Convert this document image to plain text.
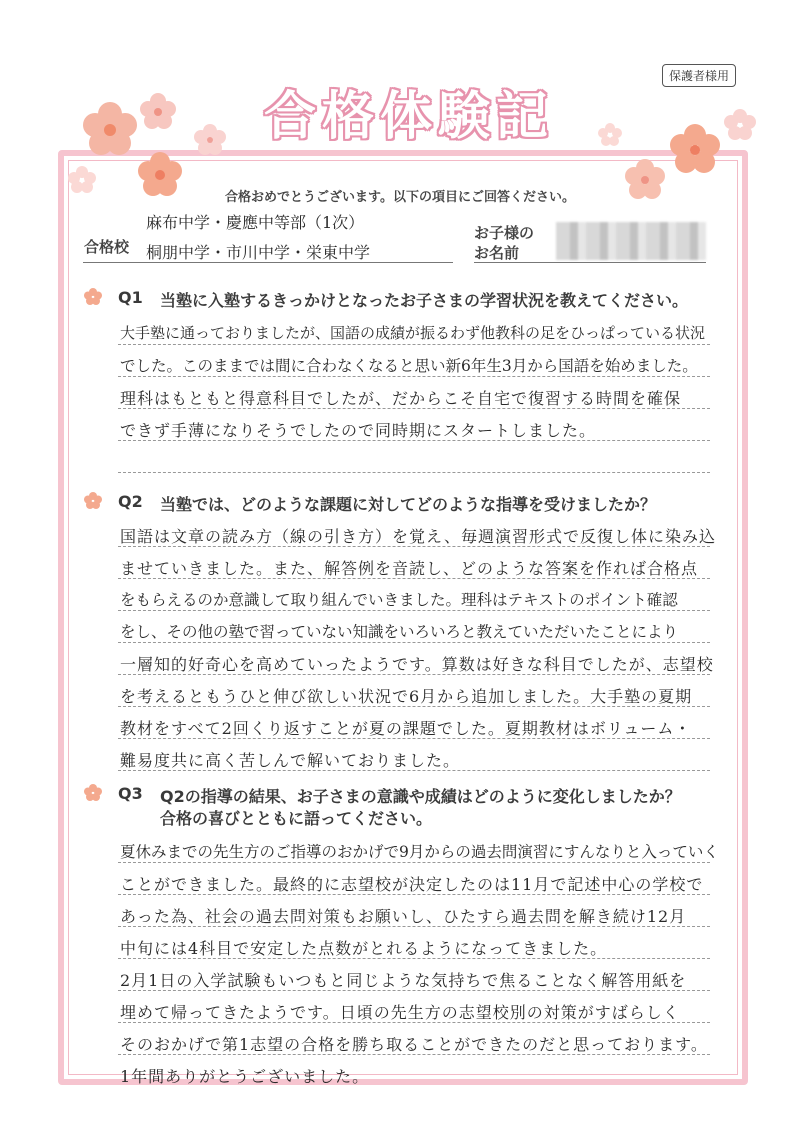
保護者様用
合格体験記
合格おめでとうございます。以下の項目にご回答ください。
合格校
麻布中学・慶應中等部（1次）
桐朋中学・市川中学・栄東中学
お子様の
お名前
Q1 当塾に入塾するきっかけとなったお子さまの学習状況を教えてください。
大手塾に通っておりましたが、国語の成績が振るわず他教科の足をひっぱっている状況
でした。このままでは間に合わなくなると思い新6年生3月から国語を始めました。
理科はもともと得意科目でしたが、だからこそ自宅で復習する時間を確保
できず手薄になりそうでしたので同時期にスタートしました。
Q2 当塾では、どのような課題に対してどのような指導を受けましたか？
国語は文章の読み方（線の引き方）を覚え、毎週演習形式で反復し体に染み込
ませていきました。また、解答例を音読し、どのような答案を作れば合格点
をもらえるのか意識して取り組んでいきました。理科はテキストのポイント確認
をし、その他の塾で習っていない知識をいろいろと教えていただいたことにより
一層知的好奇心を高めていったようです。算数は好きな科目でしたが、志望校
を考えるともうひと伸び欲しい状況で6月から追加しました。大手塾の夏期
教材をすべて2回くり返すことが夏の課題でした。夏期教材はボリューム・
難易度共に高く苦しんで解いておりました。
Q3 Q2の指導の結果、お子さまの意識や成績はどのように変化しましたか？
合格の喜びとともに語ってください。
夏休みまでの先生方のご指導のおかげで9月からの過去問演習にすんなりと入っていく
ことができました。最終的に志望校が決定したのは11月で記述中心の学校で
あった為、社会の過去問対策もお願いし、ひたすら過去問を解き続け12月
中旬には4科目で安定した点数がとれるようになってきました。
2月1日の入学試験もいつもと同じような気持ちで焦ることなく解答用紙を
埋めて帰ってきたようです。日頃の先生方の志望校別の対策がすばらしく
そのおかげで第1志望の合格を勝ち取ることができたのだと思っております。
1年間ありがとうございました。
